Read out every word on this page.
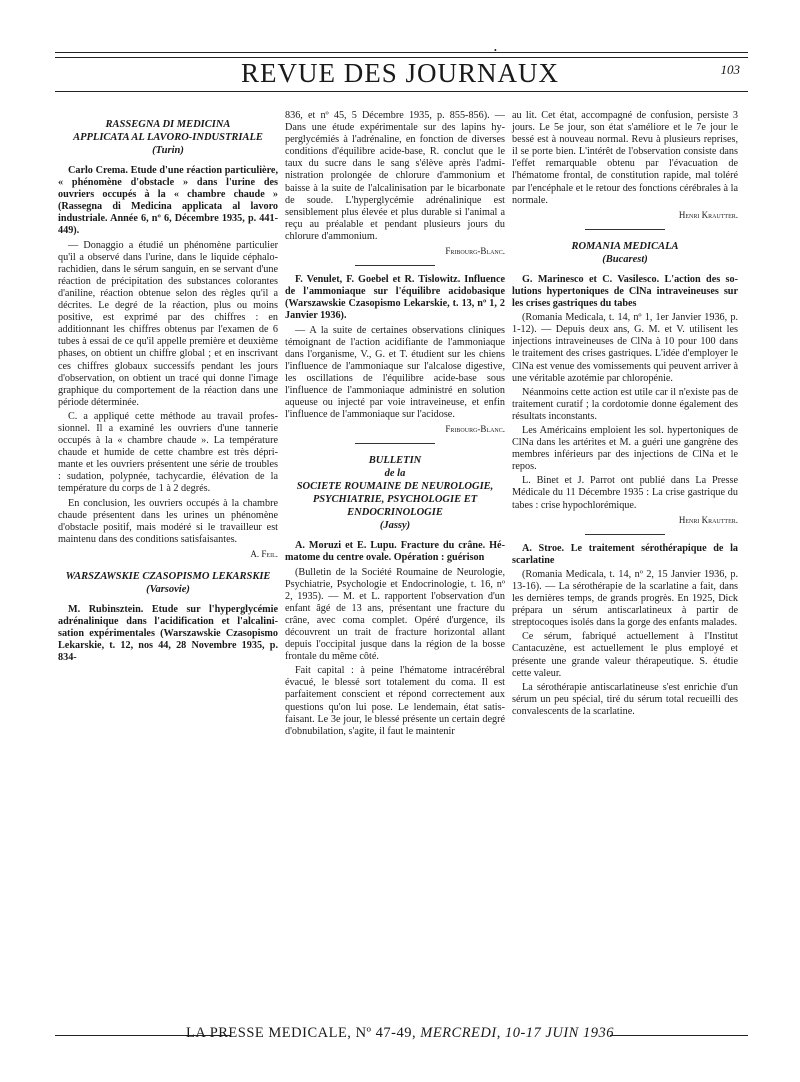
•
REVUE DES JOURNAUX	103
RASSEGNA DI MEDICINA
APPLICATA AL LAVORO-INDUSTRIALE
(Turin)

Carlo Crema. Etude d'une réaction particulière, « phénomène d'obstacle » dans l'urine des ouvriers occupés à la « chambre chaude » (Rassegna di Medicina applicata al lavoro industriale. Année 6, nº 6, Décembre 1935, p. 441-449).

— Donaggio a étudié un phénomène particulier qu'il a observé dans l'urine, dans le liquide céphalo-rachidien, dans le sérum sanguin, en se servant d'une réaction de précipitation des substances colorantes d'aniline, réaction obtenue selon des règles qu'il a décrites. Le degré de la réaction, plus ou moins positive, est exprimé par des chiffres : en additionnant les chiffres obtenus par l'examen de 6 tubes à essai de ce qu'il appelle première et deuxième phases, on obtient un chiffre global ; et en inscrivant ces chiffres globaux successifs pendant les jours d'observation, on obtient un tracé qui donne l'image graphique du comportement de la réaction dans une période déterminée.

C. a appliqué cette méthode au travail professionnel. Il a examiné les ouvriers d'une tannerie occupés à la « chambre chaude ». La température chaude et humide de cette chambre est très déprimante et les ouvriers présentent une série de troubles : sudation, polypnée, tachycardie, élévation de la température du corps de 1 à 2 degrés.

En conclusion, les ouvriers occupés à la chambre chaude présentent dans les urines un phénomène d'obstacle positif, mais modéré si le travailleur est maintenu dans des conditions satisfaisantes.

A. Feil.
WARSZAWSKIE CZASOPISMO LEKARSKIE
(Varsovie)

M. Rubinsztein. Etude sur l'hyperglycémie adrénalinique dans l'acidification et l'alcalinisation expérimentales (Warszawskie Czasopismo Lekarskie, t. 12, nos 44, 28 Novembre 1935, p. 834-

836, et nº 45, 5 Décembre 1935, p. 855-856). — Dans une étude expérimentale sur des lapins hyperglycémiés à l'adrénaline, en fonction de diverses conditions d'équilibre acide-base, R. conclut que le taux du sucre dans le sang s'élève après l'administration prolongée de chlorure d'ammonium et baisse à la suite de l'alcalinisation par le bicarbonate de soude. L'hyperglycémie adrénalinique est sensiblement plus élevée et plus durable si l'animal a reçu au préalable et pendant plusieurs jours du chlorure d'ammonium.

Fribourg-Blanc.

F. Venulet, F. Goebel et R. Tislowitz. Influence de l'ammoniaque sur l'équilibre acidobasique (Warszawskie Czasopismo Lekarskie, t. 13, nº 1, 2 Janvier 1936).

— A la suite de certaines observations cliniques témoignant de l'action acidifiante de l'ammoniaque dans l'organisme, V., G. et T. étudient sur les chiens l'influence de l'ammoniaque sur l'alcalose digestive, les oscillations de l'équilibre acide-base sous l'influence de l'ammoniaque administré en solution aqueuse ou injecté par voie intraveineuse, et enfin l'influence de l'ammoniaque sur l'acidose.

Fribourg-Blanc.
BULLETIN
de la
SOCIETE ROUMAINE DE NEUROLOGIE, PSYCHIATRIE, PSYCHOLOGIE ET ENDOCRINOLOGIE
(Jassy)

A. Moruzi et E. Lupu. Fracture du crâne. Hématome du centre ovale. Opération : guérison

(Bulletin de la Société Roumaine de Neurologie, Psychiatrie, Psychologie et Endocrinologie, t. 16, nº 2, 1935). — M. et L. rapportent l'observation d'un enfant âgé de 13 ans, présentant une fracture du crâne, avec coma complet. Opéré d'urgence, ils découvrent un trait de fracture horizontal allant depuis l'occipital jusque dans la région de la bosse frontale du même côté.

Fait capital : à peine l'hématome intracérébral évacué, le blessé sort totalement du coma. Il est parfaitement conscient et répond correctement aux questions qu'on lui pose. Le lendemain, état satisfaisant. Le 3e jour, le blessé présente un certain degré d'obnubilation, s'agite, il faut le maintenir

au lit. Cet état, accompagné de confusion, persiste 3 jours. Le 5e jour, son état s'améliore et le 7e jour le bessé est à nouveau normal. Revu à plusieurs reprises, il se porte bien. L'intérêt de l'observation consiste dans l'effet remarquable obtenu par l'évacuation de l'hématome frontal, de constitution rapide, mal toléré par l'encéphale et le retour des fonctions cérébrales à la normale.

Henri Krautter.
ROMANIA MEDICALA
(Bucarest)

G. Marinesco et C. Vasilesco. L'action des solutions hypertoniques de ClNa intraveineuses sur les crises gastriques du tabes

(Romania Medicala, t. 14, nº 1, 1er Janvier 1936, p. 1-12). — Depuis deux ans, G. M. et V. utilisent les injections intraveineuses de ClNa à 10 pour 100 dans le traitement des crises gastriques. L'idée d'employer le ClNa est venue des vomissements qui peuvent arriver à une véritable azotémie par chloropénie.

Néanmoins cette action est utile car il n'existe pas de traitement curatif ; la cordotomie donne également des résultats inconstants.

Les Américains emploient les sol. hypertoniques de ClNa dans les artérites et M. a guéri une gangrène des membres inférieurs par des injections de ClNa et le repos.

L. Binet et J. Parrot ont publié dans La Presse Médicale du 11 Décembre 1935 : La crise gastrique du tabes : crise hypochlorémique.

Henri Krautter.

A. Stroe. Le traitement sérothérapique de la scarlatine

(Romania Medicala, t. 14, nº 2, 15 Janvier 1936, p. 13-16). — La sérothérapie de la scarlatine a fait, dans les dernières temps, de grands progrès. En 1925, Dick prépara un sérum antiscarlatineux à partir de streptocoques isolés dans la gorge des enfants malades.

Ce sérum, fabriqué actuellement à l'Institut Cantacuzène, est actuellement le plus employé et présente une grande valeur thérapeutique. S. étudie cette valeur.

La sérothérapie antiscarlatineuse s'est enrichie d'un sérum un peu spécial, tiré du sérum total recueilli des convalescents de la scarlatine.

LA PRESSE MEDICALE, Nº 47-49, MERCREDI, 10-17 JUIN 1936
